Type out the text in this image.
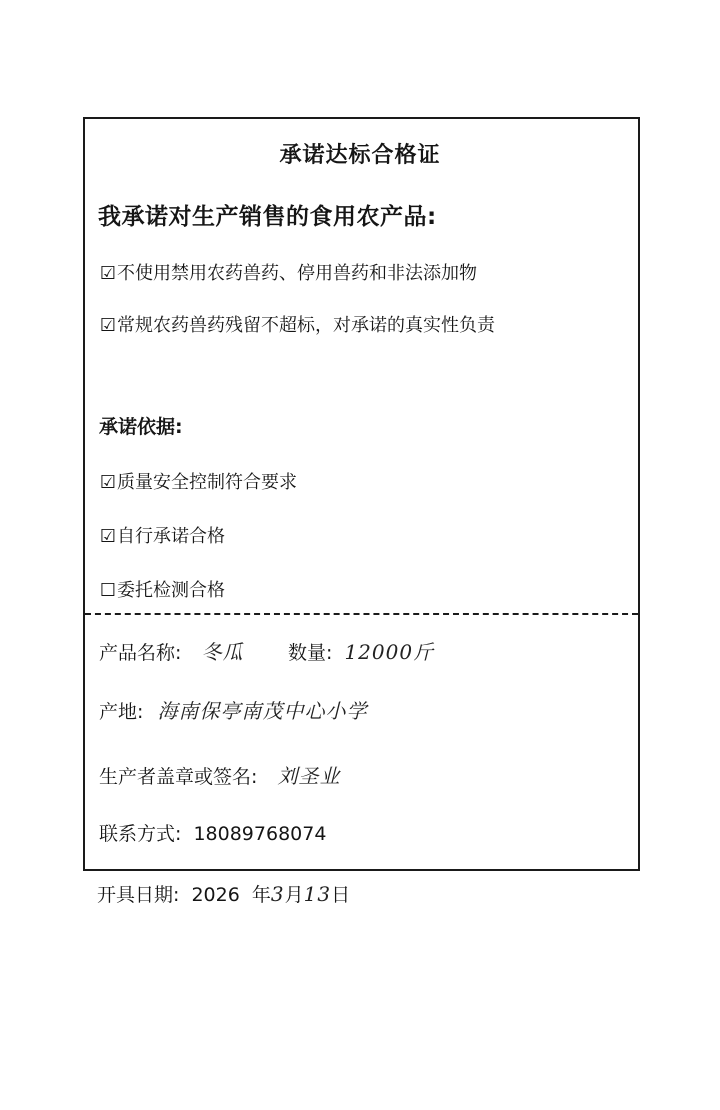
承诺达标合格证
我承诺对生产销售的食用农产品:
☑不使用禁用农药兽药、停用兽药和非法添加物
☑常规农药兽药残留不超标，对承诺的真实性负责
承诺依据:
☑质量安全控制符合要求
☑自行承诺合格
☐委托检测合格
产品名称: 冬瓜 数量: 12000斤
产地: 海南保亭南茂中心小学
生产者盖章或签名: 刘圣业
联系方式: 18089768074
开具日期: 2026 年3月13日
